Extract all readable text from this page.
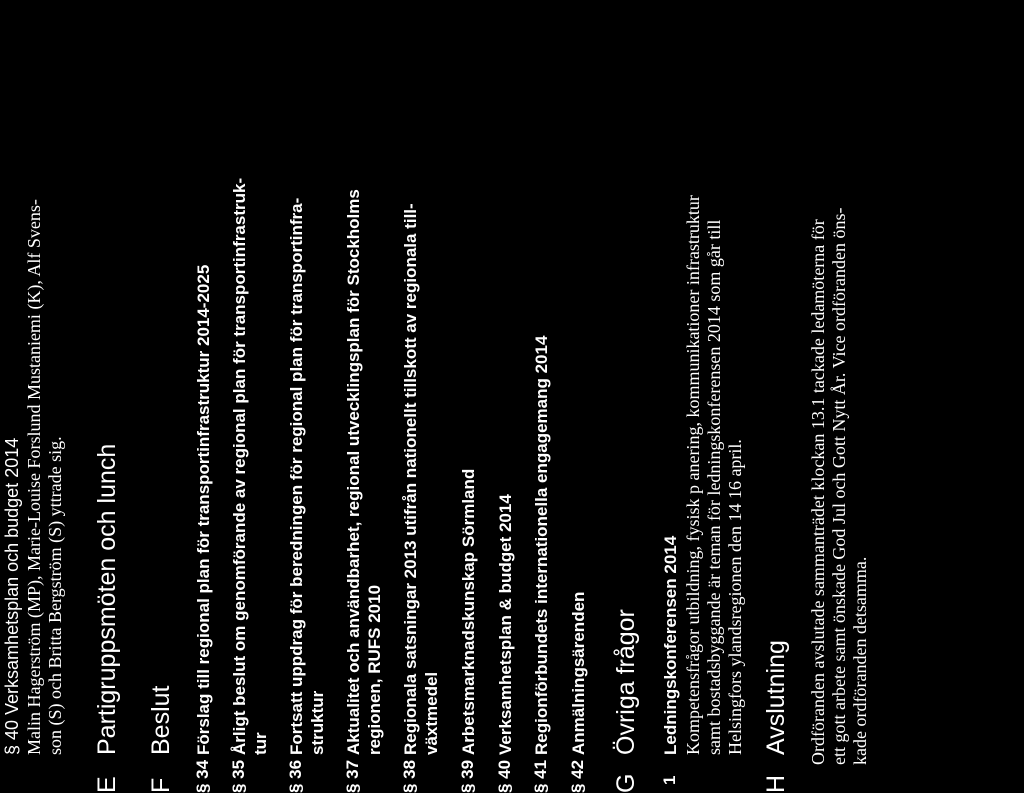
§ 40 Verksamhetsplan och budget 2014 Malin Hagerström (MP), Marie-Louise Forslund Mustaniemi (K), Alf Svens- son (S) och Britta Bergström (S) yttrade sig.
E
Partigruppsmöten och lunch
F
Beslut
§ 34
Förslag till regional plan för transportinfrastruktur 2014-2025
§ 35
Årligt beslut om genomförande av regional plan för transportinfrastruk- tur
§ 36
Fortsatt uppdrag för beredningen för regional plan för transportinfra- struktur
§ 37
Aktualitet och användbarhet, regional utvecklingsplan för Stockholms regionen, RUFS 2010
§ 38
Regionala satsningar 2013 utifrån nationellt tillskott av regionala till- växtmedel
§ 39
Arbetsmarknadskunskap Sörmland
§ 40
Verksamhetsplan & budget 2014
§ 41
Regionförbundets internationella engagemang 2014
§ 42
Anmälningsärenden
G
Övriga frågor
1
Ledningskonferensen 2014 Kompetensfrågor utbildning, fysisk p anering, kommunikationer infrastruktur samt bostadsbyggande är teman för ledningskonferensen 2014 som går till Helsingfors ylandsregionen den 14 16 april.
H
Avslutning Ordföranden avslutade sammanträdet klockan 13.1 tackade ledamöterna för ett gott arbete samt önskade God Jul och Gott Nytt År. Vice ordföranden öns- kade ordföranden detsamma.
